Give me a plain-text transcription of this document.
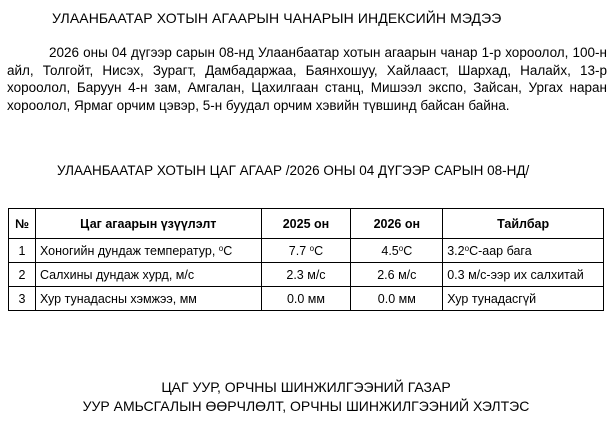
УЛААНБААТАР ХОТЫН АГААРЫН ЧАНАРЫН ИНДЕКСИЙН МЭДЭЭ

2026 оны 04 дүгээр сарын 08-нд Улаанбаатар хотын агаарын чанар 1-р хороолол, 100-н айл, Толгойт, Нисэх, Зурагт, Дамбадаржаа, Баянхошуу, Хайлааст, Шархад, Налайх, 13-р хороолол, Баруун 4-н зам, Амгалан, Цахилгаан станц, Мишээл экспо, Зайсан, Ургах наран хороолол, Ярмаг орчим цэвэр, 5-н буудал орчим хэвийн түвшинд байсан байна.

УЛААНБААТАР ХОТЫН ЦАГ АГААР /2026 ОНЫ 04 ДҮГЭЭР САРЫН 08-НД/
№	Цаг агаарын үзүүлэлт	2025 он	2026 он	Тайлбар
1	Хоногийн дундаж температур, $^o$C	7.7 $^o$C	4.5$^o$C	3.2$^o$C-аар бага
2	Салхины дундаж хурд, м/с	2.3 м/с	2.6 м/с	0.3 м/с-ээр их салхитай
3	Хур тунадасны хэмжээ, мм	0.0 мм	0.0 мм	Хур тунадасгүй
ЦАГ УУР, ОРЧНЫ ШИНЖИЛГЭЭНИЙ ГАЗАР
УУР АМЬСГАЛЫН ӨӨРЧЛӨЛТ, ОРЧНЫ ШИНЖИЛГЭЭНИЙ ХЭЛТЭС
